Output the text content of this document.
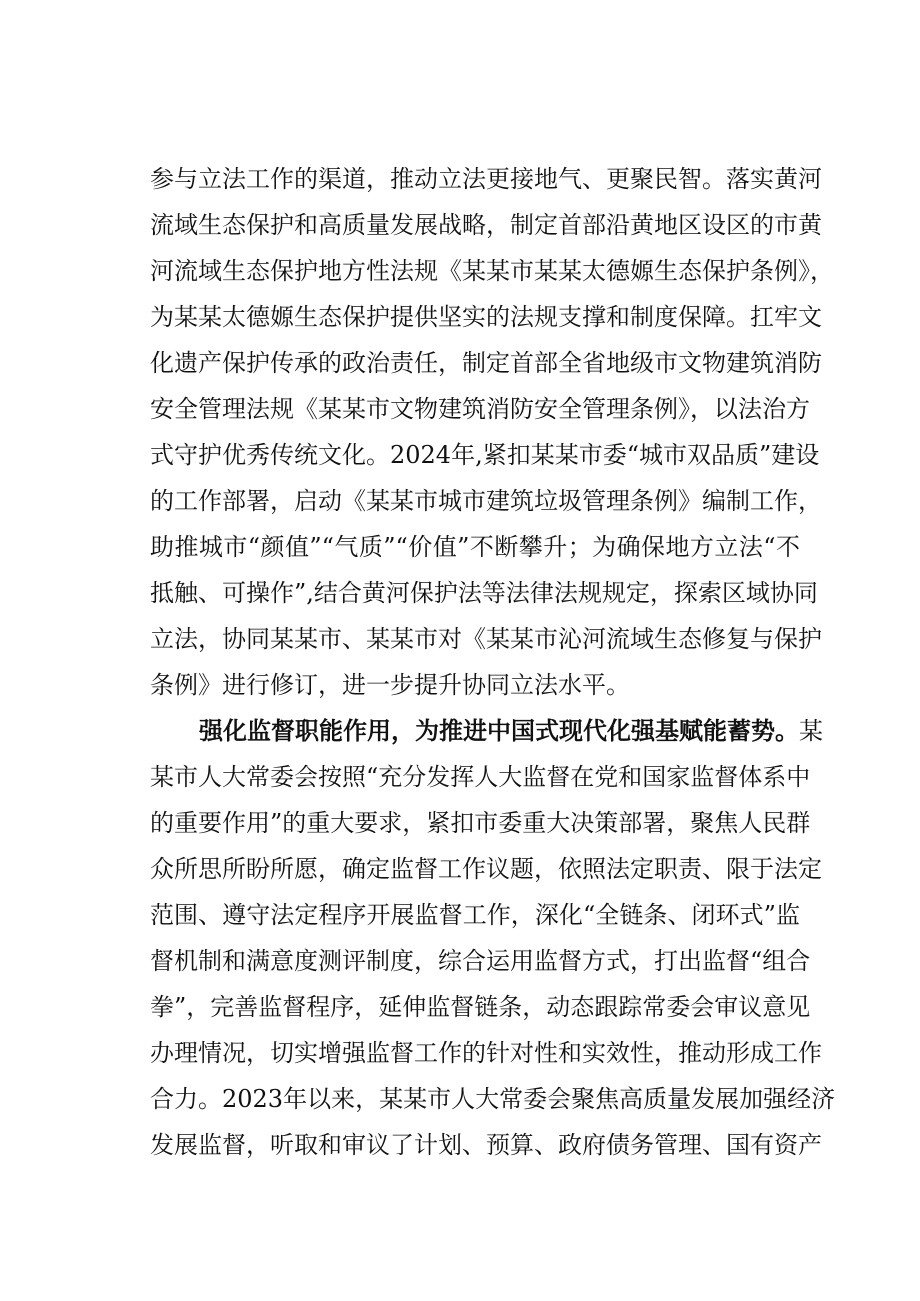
参与立法工作的渠道，推动立法更接地气、更聚民智。落实黄河
流域生态保护和高质量发展战略，制定首部沿黄地区设区的市黄
河流域生态保护地方性法规《某某市某某太德嫄生态保护条例》，
为某某太德嫄生态保护提供坚实的法规支撑和制度保障。扛牢文
化遗产保护传承的政治责任，制定首部全省地级市文物建筑消防
安全管理法规《某某市文物建筑消防安全管理条例》，以法治方
式守护优秀传统文化。2024年,紧扣某某市委“城市双品质”建设
的工作部署，启动《某某市城市建筑垃圾管理条例》编制工作，
助推城市“颜值”“气质”“价值”不断攀升；为确保地方立法“不
抵触、可操作”,结合黄河保护法等法律法规规定，探索区域协同
立法，协同某某市、某某市对《某某市沁河流域生态修复与保护
条例》进行修订，进一步提升协同立法水平。
强化监督职能作用，为推进中国式现代化强基赋能蓄势。某
某市人大常委会按照“充分发挥人大监督在党和国家监督体系中
的重要作用”的重大要求，紧扣市委重大决策部署，聚焦人民群
众所思所盼所愿，确定监督工作议题，依照法定职责、限于法定
范围、遵守法定程序开展监督工作，深化“全链条、闭环式”监
督机制和满意度测评制度，综合运用监督方式，打出监督“组合
拳”，完善监督程序，延伸监督链条，动态跟踪常委会审议意见
办理情况，切实增强监督工作的针对性和实效性，推动形成工作
合力。2023年以来，某某市人大常委会聚焦高质量发展加强经济
发展监督，听取和审议了计划、预算、政府债务管理、国有资产
